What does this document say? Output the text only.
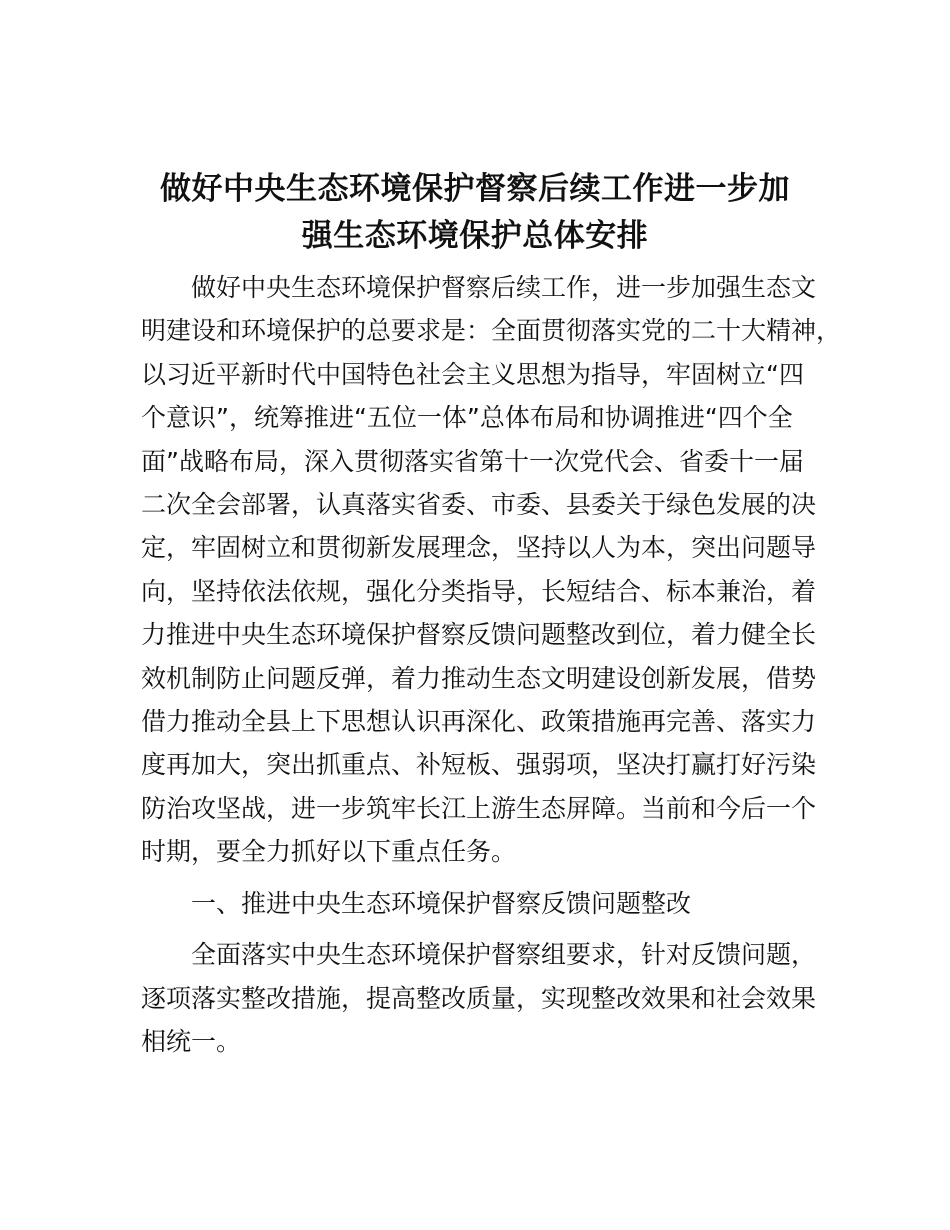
做好中央生态环境保护督察后续工作进一步加
强生态环境保护总体安排

做好中央生态环境保护督察后续工作，进一步加强生态文
明建设和环境保护的总要求是：全面贯彻落实党的二十大精神，
以习近平新时代中国特色社会主义思想为指导，牢固树立“四
个意识”，统筹推进“五位一体”总体布局和协调推进“四个全
面”战略布局，深入贯彻落实省第十一次党代会、省委十一届
二次全会部署，认真落实省委、市委、县委关于绿色发展的决
定，牢固树立和贯彻新发展理念，坚持以人为本，突出问题导
向，坚持依法依规，强化分类指导，长短结合、标本兼治，着
力推进中央生态环境保护督察反馈问题整改到位，着力健全长
效机制防止问题反弹，着力推动生态文明建设创新发展，借势
借力推动全县上下思想认识再深化、政策措施再完善、落实力
度再加大，突出抓重点、补短板、强弱项，坚决打赢打好污染
防治攻坚战，进一步筑牢长江上游生态屏障。当前和今后一个
时期，要全力抓好以下重点任务。

一、推进中央生态环境保护督察反馈问题整改

全面落实中央生态环境保护督察组要求，针对反馈问题，
逐项落实整改措施，提高整改质量，实现整改效果和社会效果
相统一。
